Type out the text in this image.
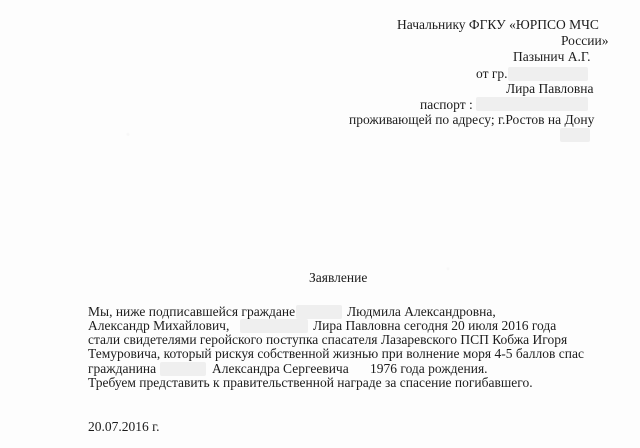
Начальнику ФГКУ «ЮРПСО МЧС
России»
Пазынич А.Г.
от гр.
Лира Павловна
паспорт :
проживающей по адресу; г.Ростов на Дону
Заявление
Мы, ниже подписавшейся граждане	Людмила Александровна,
Александр Михайлович,	Лира Павловна сегодня 20 июля 2016 года
стали свидетелями геройского поступка спасателя Лазаревского ПСП Кобжа Игоря
Темуровича, который рискуя собственной жизнью при волнение моря 4-5 баллов спас
гражданина	Александра Сергеевича 1976 года рождения.
Требуем представить к правительственной награде за спасение погибавшего.
20.07.2016 г.
